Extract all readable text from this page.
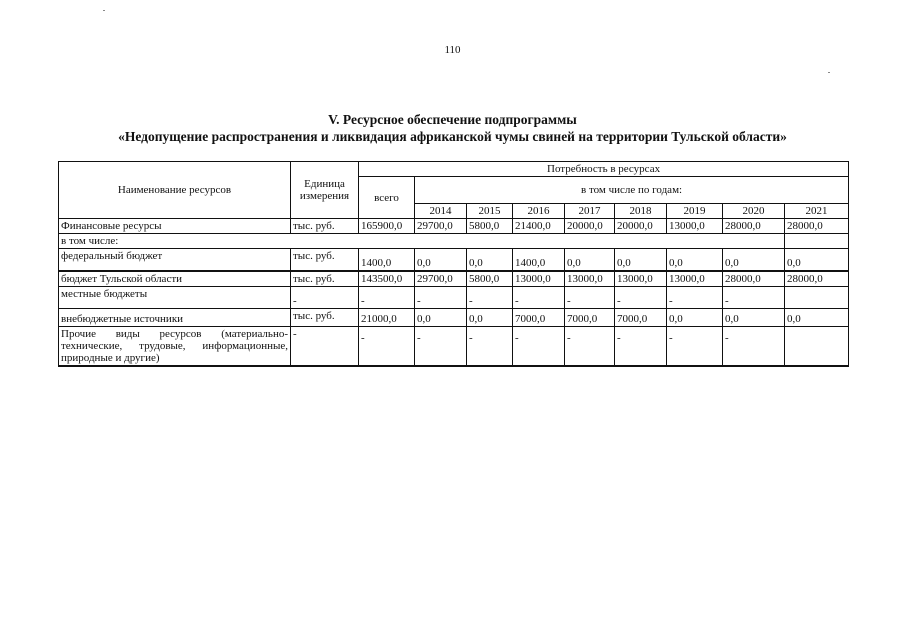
110
V. Ресурсное обеспечение подпрограммы
«Недопущение распространения и ликвидация африканской чумы свиней на территории Тульской области»
Наименование ресурсов	Единица измерения	Потребность в ресурсах								
		всего	в том числе по годам:							
			2014	2015	2016	2017	2018	2019	2020	2021
Финансовые ресурсы	тыс. руб.	165900,0	29700,0	5800,0	21400,0	20000,0	20000,0	13000,0	28000,0	28000,0
в том числе:										
федеральный бюджет	тыс. руб.	1400,0	0,0	0,0	1400,0	0,0	0,0	0,0	0,0	0,0
бюджет Тульской области	тыс. руб.	143500,0	29700,0	5800,0	13000,0	13000,0	13000,0	13000,0	28000,0	28000,0
местные бюджеты	-	-	-	-	-	-	-	-	-	
внебюджетные источники	тыс. руб.	21000,0	0,0	0,0	7000,0	7000,0	7000,0	0,0	0,0	0,0
Прочие виды ресурсов (материально-технические, трудовые, информационные, природные и другие)	-	-	-	-	-	-	-	-	-	
